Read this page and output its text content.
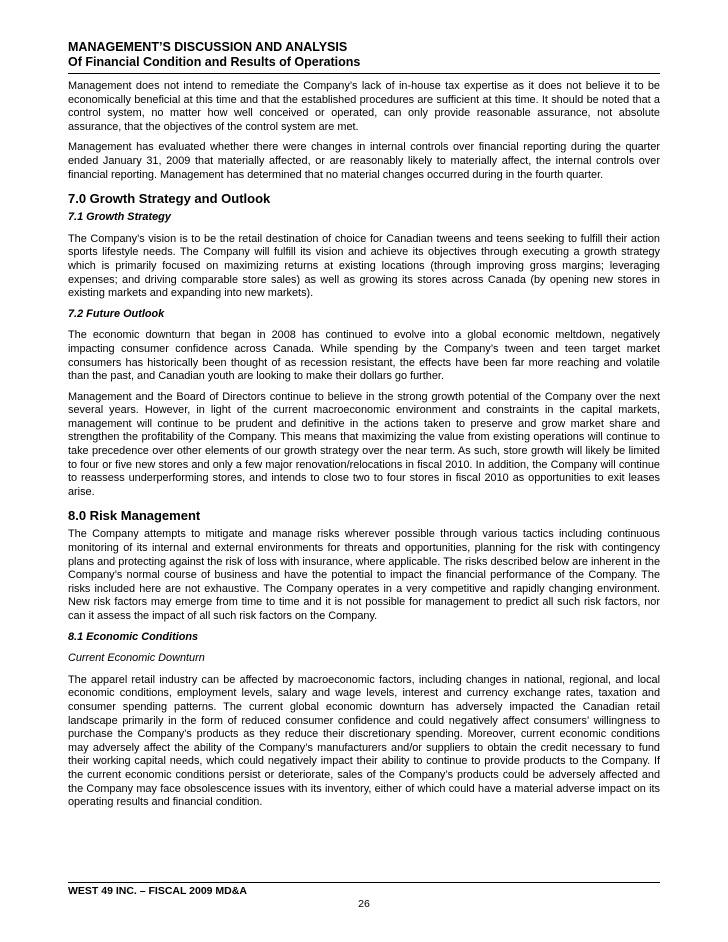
MANAGEMENT’S DISCUSSION AND ANALYSIS

Of Financial Condition and Results of Operations

Management does not intend to remediate the Company’s lack of in-house tax expertise as it does not believe it to be economically beneficial at this time and that the established procedures are sufficient at this time. It should be noted that a control system, no matter how well conceived or operated, can only provide reasonable assurance, not absolute assurance, that the objectives of the control system are met.

Management has evaluated whether there were changes in internal controls over financial reporting during the quarter ended January 31, 2009 that materially affected, or are reasonably likely to materially affect, the internal controls over financial reporting. Management has determined that no material changes occurred during in the fourth quarter.

7.0 Growth Strategy and Outlook
7.1 Growth Strategy

The Company’s vision is to be the retail destination of choice for Canadian tweens and teens seeking to fulfill their action sports lifestyle needs. The Company will fulfill its vision and achieve its objectives through executing a growth strategy which is primarily focused on maximizing returns at existing locations (through improving gross margins; leveraging expenses; and driving comparable store sales) as well as growing its stores across Canada (by opening new stores in existing markets and expanding into new markets).

7.2 Future Outlook

The economic downturn that began in 2008 has continued to evolve into a global economic meltdown, negatively impacting consumer confidence across Canada. While spending by the Company’s tween and teen target market consumers has historically been thought of as recession resistant, the effects have been far more reaching and volatile than the past, and Canadian youth are looking to make their dollars go further.

Management and the Board of Directors continue to believe in the strong growth potential of the Company over the next several years. However, in light of the current macroeconomic environment and constraints in the capital markets, management will continue to be prudent and definitive in the actions taken to preserve and grow market share and strengthen the profitability of the Company. This means that maximizing the value from existing operations will continue to take precedence over other elements of our growth strategy over the near term. As such, store growth will likely be limited to four or five new stores and only a few major renovation/relocations in fiscal 2010. In addition, the Company will continue to reassess underperforming stores, and intends to close two to four stores in fiscal 2010 as opportunities to exit leases arise.

8.0 Risk Management

The Company attempts to mitigate and manage risks wherever possible through various tactics including continuous monitoring of its internal and external environments for threats and opportunities, planning for the risk with contingency plans and protecting against the risk of loss with insurance, where applicable. The risks described below are inherent in the Company’s normal course of business and have the potential to impact the financial performance of the Company. The risks included here are not exhaustive. The Company operates in a very competitive and rapidly changing environment. New risk factors may emerge from time to time and it is not possible for management to predict all such risk factors, nor can it assess the impact of all such risk factors on the Company.

8.1 Economic Conditions
Current Economic Downturn

The apparel retail industry can be affected by macroeconomic factors, including changes in national, regional, and local economic conditions, employment levels, salary and wage levels, interest and currency exchange rates, taxation and consumer spending patterns. The current global economic downturn has adversely impacted the Canadian retail landscape primarily in the form of reduced consumer confidence and could negatively affect consumers’ willingness to purchase the Company’s products as they reduce their discretionary spending. Moreover, current economic conditions may adversely affect the ability of the Company’s manufacturers and/or suppliers to obtain the credit necessary to fund their working capital needs, which could negatively impact their ability to continue to provide products to the Company. If the current economic conditions persist or deteriorate, sales of the Company’s products could be adversely affected and the Company may face obsolescence issues with its inventory, either of which could have a material adverse impact on its operating results and financial condition.

WEST 49 INC. – FISCAL 2009 MD&A

26
